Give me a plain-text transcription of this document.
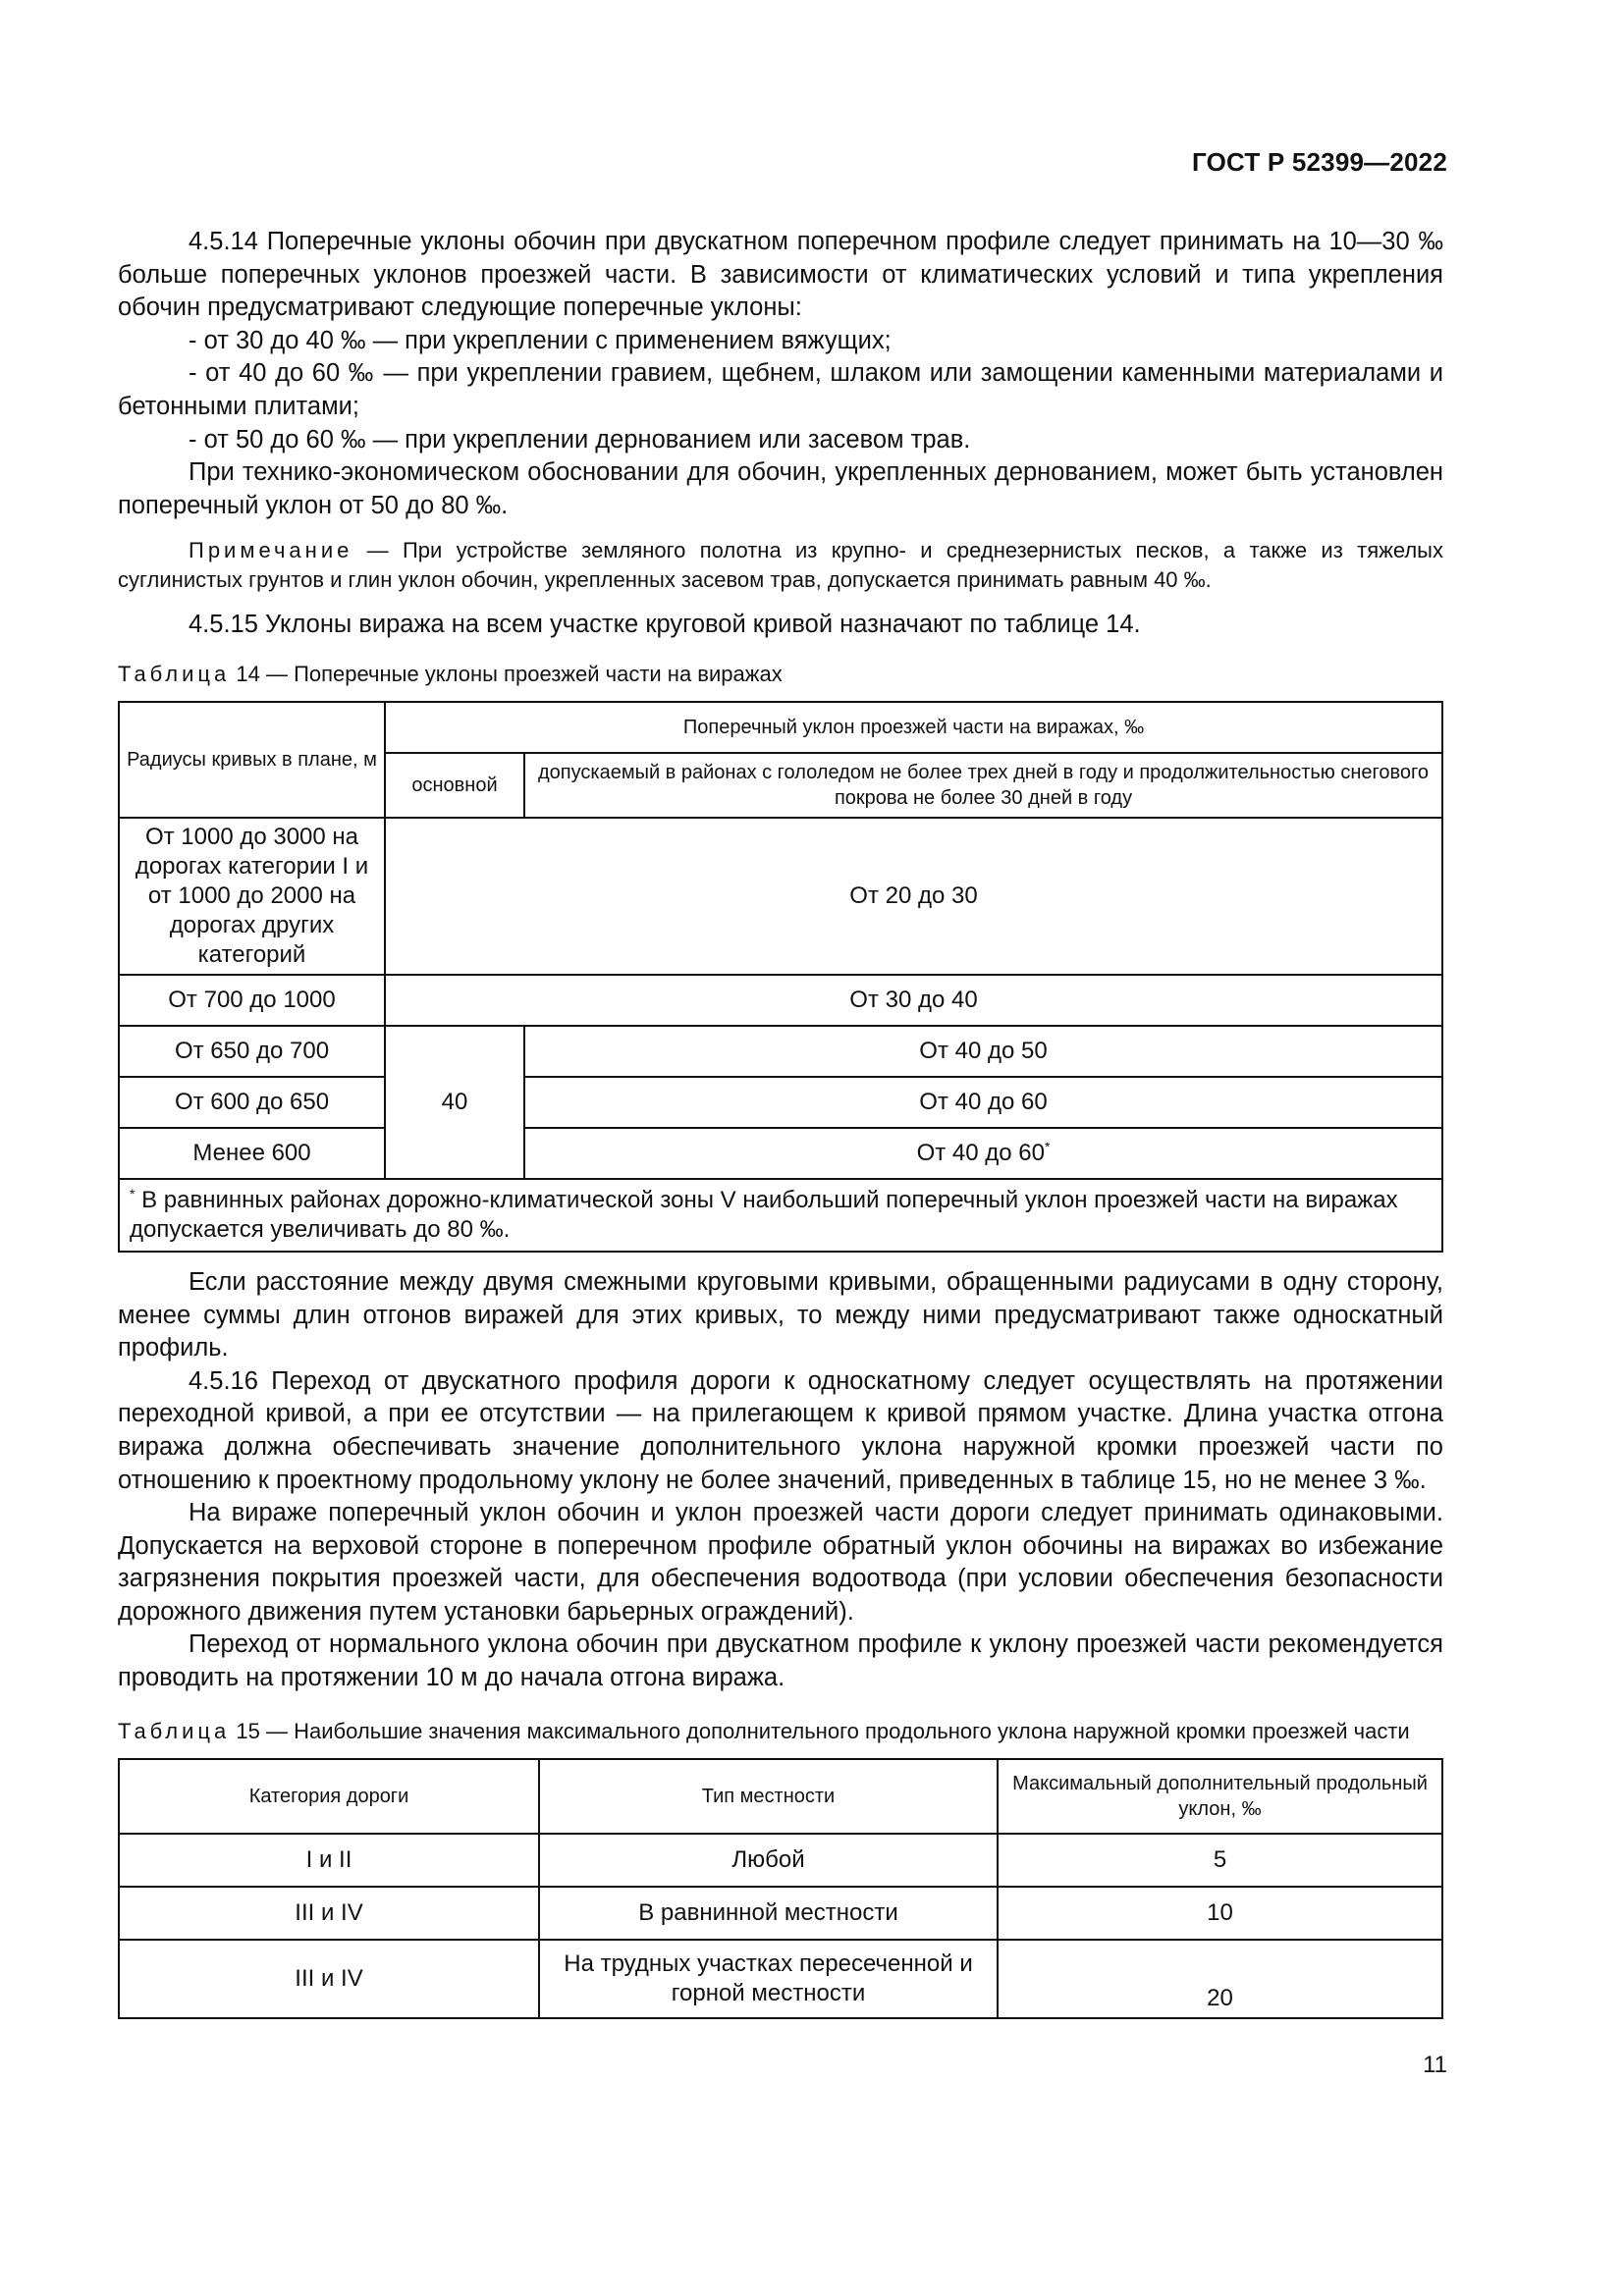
ГОСТ Р 52399—2022

4.5.14 Поперечные уклоны обочин при двускатном поперечном профиле следует принимать на 10—30 ‰ больше поперечных уклонов проезжей части. В зависимости от климатических условий и типа укрепления обочин предусматривают следующие поперечные уклоны:

- от 30 до 40 ‰ — при укреплении с применением вяжущих;

- от 40 до 60 ‰ — при укреплении гравием, щебнем, шлаком или замощении каменными материалами и бетонными плитами;

- от 50 до 60 ‰ — при укреплении дернованием или засевом трав.

При технико-экономическом обосновании для обочин, укрепленных дернованием, может быть установлен поперечный уклон от 50 до 80 ‰.

Примечание — При устройстве земляного полотна из крупно- и среднезернистых песков, а также из тяжелых суглинистых грунтов и глин уклон обочин, укрепленных засевом трав, допускается принимать равным 40 ‰.

4.5.15 Уклоны виража на всем участке круговой кривой назначают по таблице 14.

Таблица 14 — Поперечные уклоны проезжей части на виражах

Радиусы кривых в плане, м	Поперечный уклон проезжей части на виражах, ‰	
	основной	допускаемый в районах с гололедом не более трех дней в году и продолжительностью снегового покрова не более 30 дней в году
От 1000 до 3000 на дорогах категории I и от 1000 до 2000 на дорогах других категорий	От 20 до 30	
От 700 до 1000	От 30 до 40	
От 650 до 700	40	От 40 до 50
От 600 до 650		От 40 до 60
Менее 600		От 40 до 60*
* В равнинных районах дорожно-климатической зоны V наибольший поперечный уклон проезжей части на виражах допускается увеличивать до 80 ‰.		

Если расстояние между двумя смежными круговыми кривыми, обращенными радиусами в одну сторону, менее суммы длин отгонов виражей для этих кривых, то между ними предусматривают также односкатный профиль.

4.5.16 Переход от двускатного профиля дороги к односкатному следует осуществлять на протяжении переходной кривой, а при ее отсутствии — на прилегающем к кривой прямом участке. Длина участка отгона виража должна обеспечивать значение дополнительного уклона наружной кромки проезжей части по отношению к проектному продольному уклону не более значений, приведенных в таблице 15, но не менее 3 ‰.

На вираже поперечный уклон обочин и уклон проезжей части дороги следует принимать одинаковыми. Допускается на верховой стороне в поперечном профиле обратный уклон обочины на виражах во избежание загрязнения покрытия проезжей части, для обеспечения водоотвода (при условии обеспечения безопасности дорожного движения путем установки барьерных ограждений).

Переход от нормального уклона обочин при двускатном профиле к уклону проезжей части рекомендуется проводить на протяжении 10 м до начала отгона виража.

Таблица 15 — Наибольшие значения максимального дополнительного продольного уклона наружной кромки проезжей части

Категория дороги	Тип местности	Максимальный дополнительный продольный уклон, ‰
I и II	Любой	5
III и IV	В равнинной местности	10
III и IV	На трудных участках пересеченной и горной местности	20
11
